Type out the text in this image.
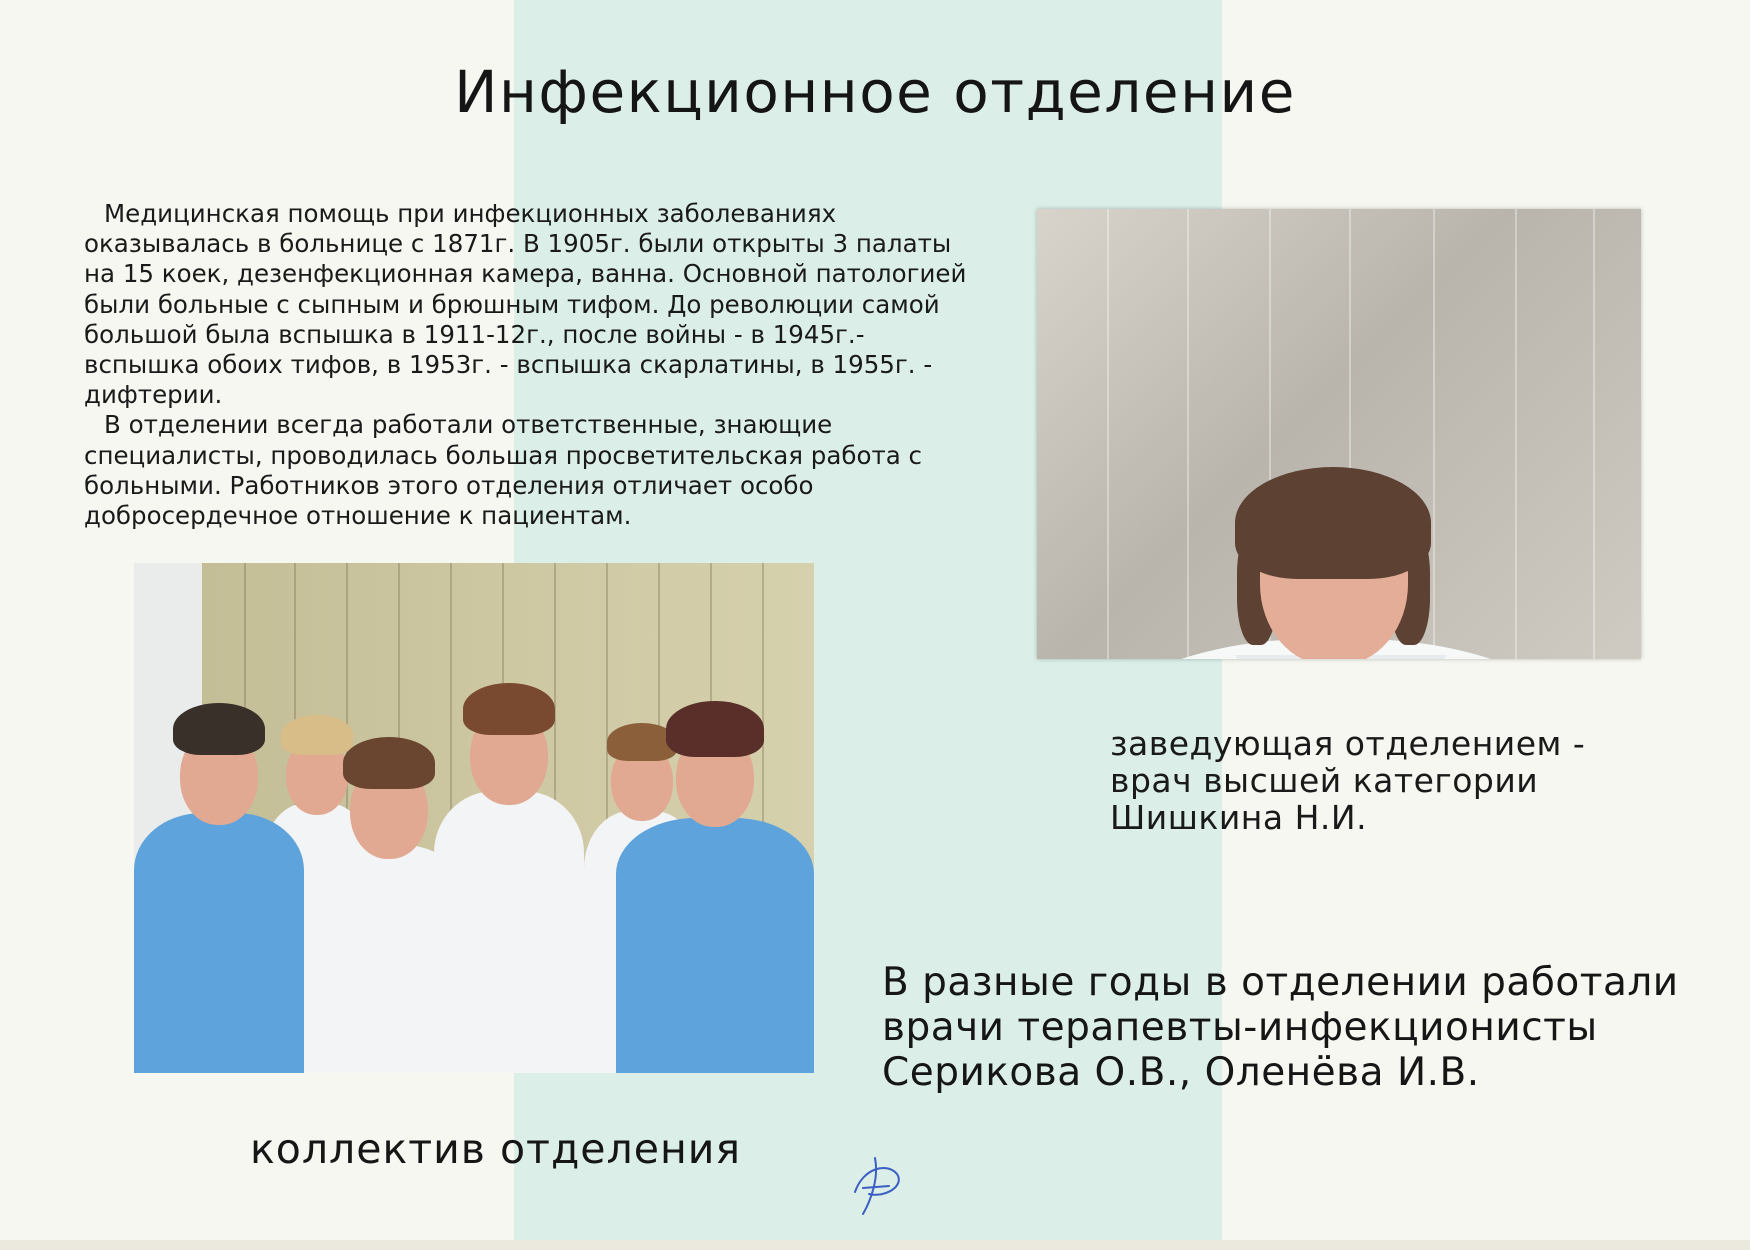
Инфекционное отделение

Медицинская помощь при инфекционных заболеваниях оказывалась в больнице с 1871г. В 1905г. были открыты 3 палаты на 15 коек, дезенфекционная камера, ванна. Основной патологией были больные с сыпным и брюшным тифом. До революции самой большой была вспышка в 1911-12г., после войны - в 1945г.- вспышка обоих тифов, в 1953г. - вспышка скарлатины, в 1955г. - дифтерии.

В отделении всегда работали ответственные, знающие специалисты, проводилась большая просветительская работа с больными. Работников этого отделения отличает особо добросердечное отношение к пациентам.

заведующая отделением -
врач высшей категории
Шишкина Н.И.

В разные годы в отделении работали
врачи терапевты-инфекционисты
Серикова О.В., Оленёва И.В.

коллектив отделения
